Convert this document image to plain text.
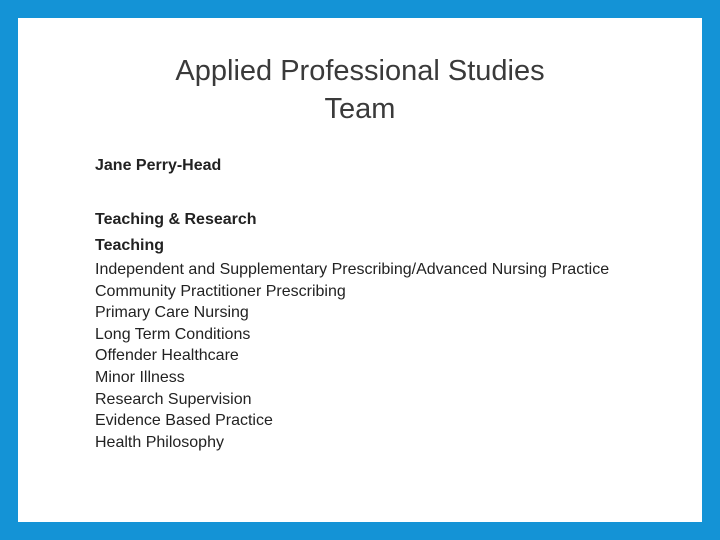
Applied Professional Studies
Team

Jane Perry-Head

Teaching & Research
Teaching
Independent and Supplementary Prescribing/Advanced Nursing Practice
Community Practitioner Prescribing
Primary Care Nursing
Long Term Conditions
Offender Healthcare
Minor Illness
Research Supervision
Evidence Based Practice
Health Philosophy
